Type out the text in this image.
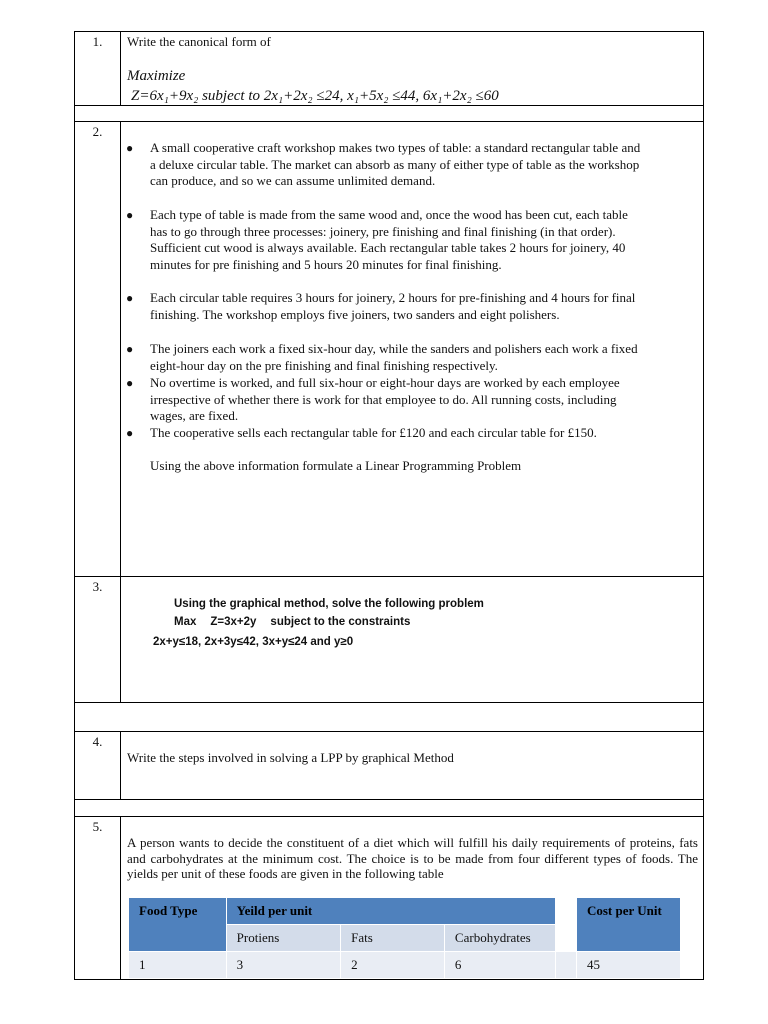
1.	Write the canonical form of
Maximize
Z=6x₁+9x₂ subject to 2x₁+2x₂ ≤24, x₁+5x₂ ≤44, 6x₁+2x₂ ≤60
2.
● A small cooperative craft workshop makes two types of table: a standard rectangular table and a deluxe circular table. The market can absorb as many of either type of table as the workshop can produce, and so we can assume unlimited demand.
● Each type of table is made from the same wood and, once the wood has been cut, each table has to go through three processes: joinery, pre finishing and final finishing (in that order). Sufficient cut wood is always available. Each rectangular table takes 2 hours for joinery, 40 minutes for pre finishing and 5 hours 20 minutes for final finishing.
● Each circular table requires 3 hours for joinery, 2 hours for pre-finishing and 4 hours for final finishing. The workshop employs five joiners, two sanders and eight polishers.
● The joiners each work a fixed six-hour day, while the sanders and polishers each work a fixed eight-hour day on the pre finishing and final finishing respectively.
● No overtime is worked, and full six-hour or eight-hour days are worked by each employee irrespective of whether there is work for that employee to do. All running costs, including wages, are fixed.
● The cooperative sells each rectangular table for £120 and each circular table for £150.
Using the above information formulate a Linear Programming Problem
3.
Using the graphical method, solve the following problem
Max Z=3x+2y subject to the constraints
2x+y≤18, 2x+3y≤42, 3x+y≤24 and y≥0
4.
Write the steps involved in solving a LPP by graphical Method
5.
A person wants to decide the constituent of a diet which will fulfill his daily requirements of proteins, fats and carbohydrates at the minimum cost. The choice is to be made from four different types of foods. The yields per unit of these foods are given in the following table
Food Type	Yeild per unit				Cost per Unit
	Protiens	Fats	Carbohydrates		
1	3	2	6		45
